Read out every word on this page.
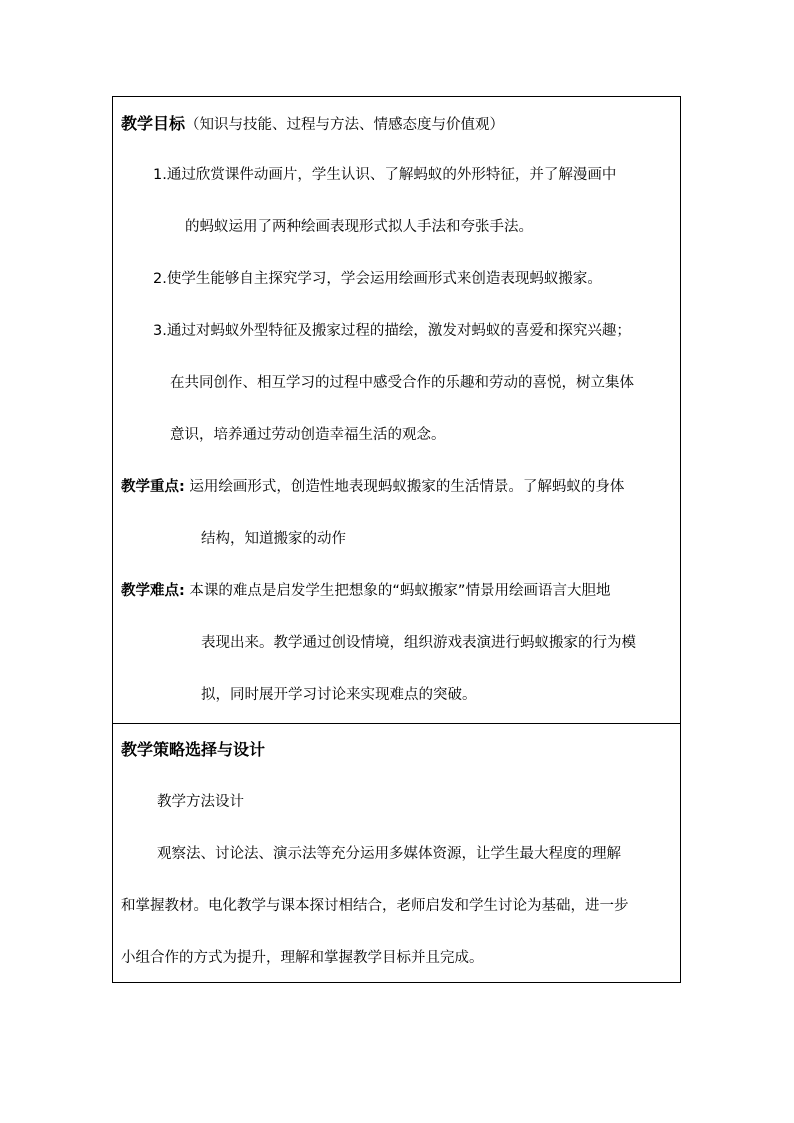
教学目标（知识与技能、过程与方法、情感态度与价值观）
1.通过欣赏课件动画片，学生认识、了解蚂蚁的外形特征，并了解漫画中
的蚂蚁运用了两种绘画表现形式拟人手法和夸张手法。
2.使学生能够自主探究学习，学会运用绘画形式来创造表现蚂蚁搬家。
3.通过对蚂蚁外型特征及搬家过程的描绘，激发对蚂蚁的喜爱和探究兴趣；
在共同创作、相互学习的过程中感受合作的乐趣和劳动的喜悦，树立集体
意识，培养通过劳动创造幸福生活的观念。
教学重点: 运用绘画形式，创造性地表现蚂蚁搬家的生活情景。了解蚂蚁的身体
结构，知道搬家的动作
教学难点: 本课的难点是启发学生把想象的“蚂蚁搬家”情景用绘画语言大胆地
表现出来。教学通过创设情境，组织游戏表演进行蚂蚁搬家的行为模
拟，同时展开学习讨论来实现难点的突破。
教学策略选择与设计
教学方法设计
观察法、讨论法、演示法等充分运用多媒体资源，让学生最大程度的理解
和掌握教材。电化教学与课本探讨相结合，老师启发和学生讨论为基础，进一步
小组合作的方式为提升，理解和掌握教学目标并且完成。
